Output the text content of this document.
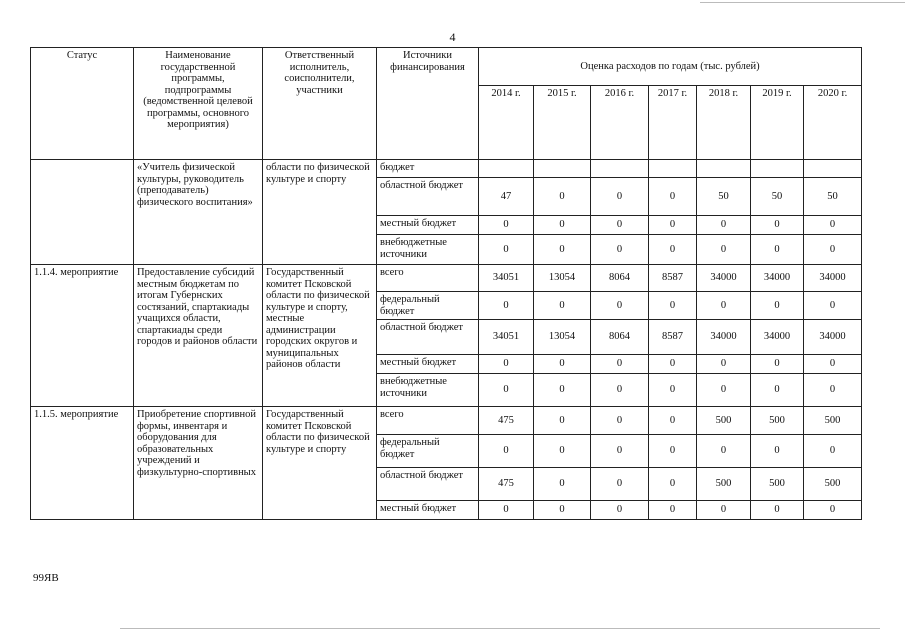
4
Статус	Наименование государственной программы, подпрограммы (ведомственной целевой программы, основного мероприятия)	Ответственный исполнитель, соисполнители, участники	Источники финансирования	Оценка расходов по годам (тыс. рублей)						
				2014 г.	2015 г.	2016 г.	2017 г.	2018 г.	2019 г.	2020 г.
	«Учитель физической культуры, руководитель (преподаватель) физического воспитания»	области по физической культуре и спорту	бюджет							
			областной бюджет	47	0	0	0	50	50	50
			местный бюджет	0	0	0	0	0	0	0
			внебюджетные источники	0	0	0	0	0	0	0
1.1.4. мероприятие	Предоставление субсидий местным бюджетам по итогам Губернских состязаний, спартакиады учащихся области, спартакиады среди городов и районов области	Государственный комитет Псковской области по физической культуре и спорту, местные администрации городских округов и муниципальных районов области	всего	34051	13054	8064	8587	34000	34000	34000
			федеральный бюджет	0	0	0	0	0	0	0
			областной бюджет	34051	13054	8064	8587	34000	34000	34000
			местный бюджет	0	0	0	0	0	0	0
			внебюджетные источники	0	0	0	0	0	0	0
1.1.5. мероприятие	Приобретение спортивной формы, инвентаря и оборудования для образовательных учреждений и физкультурно-спортивных	Государственный комитет Псковской области по физической культуре и спорту	всего	475	0	0	0	500	500	500
			федеральный бюджет	0	0	0	0	0	0	0
			областной бюджет	475	0	0	0	500	500	500
			местный бюджет	0	0	0	0	0	0	0
99ЯВ
